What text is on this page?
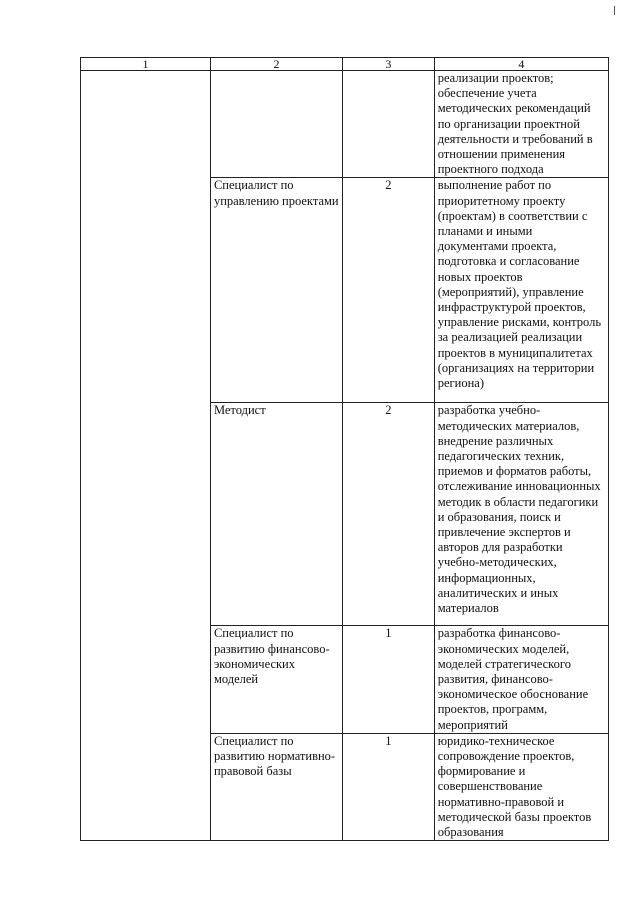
1	2	3	4
			реализации проектов; обеспечение учета методических рекомендаций по организации проектной деятельности и требований в отношении применения проектного подхода
	Специалист по управлению проектами	2	выполнение работ по приоритетному проекту (проектам) в соответствии с планами и иными документами проекта, подготовка и согласование новых проектов (мероприятий), управление инфраструктурой проектов, управление рисками, контроль за реализацией реализации проектов в муниципалитетах (организациях на территории региона)
	Методист	2	разработка учебно-методических материалов, внедрение различных педагогических техник, приемов и форматов работы, отслеживание инновационных методик в области педагогики и образования, поиск и привлечение экспертов и авторов для разработки учебно-методических, информационных, аналитических и иных материалов
	Специалист по развитию финансово-экономических моделей	1	разработка финансово-экономических моделей, моделей стратегического развития, финансово-экономическое обоснование проектов, программ, мероприятий
	Специалист по развитию нормативно-правовой базы	1	юридико-техническое сопровождение проектов, формирование и совершенствование нормативно-правовой и методической базы проектов образования
